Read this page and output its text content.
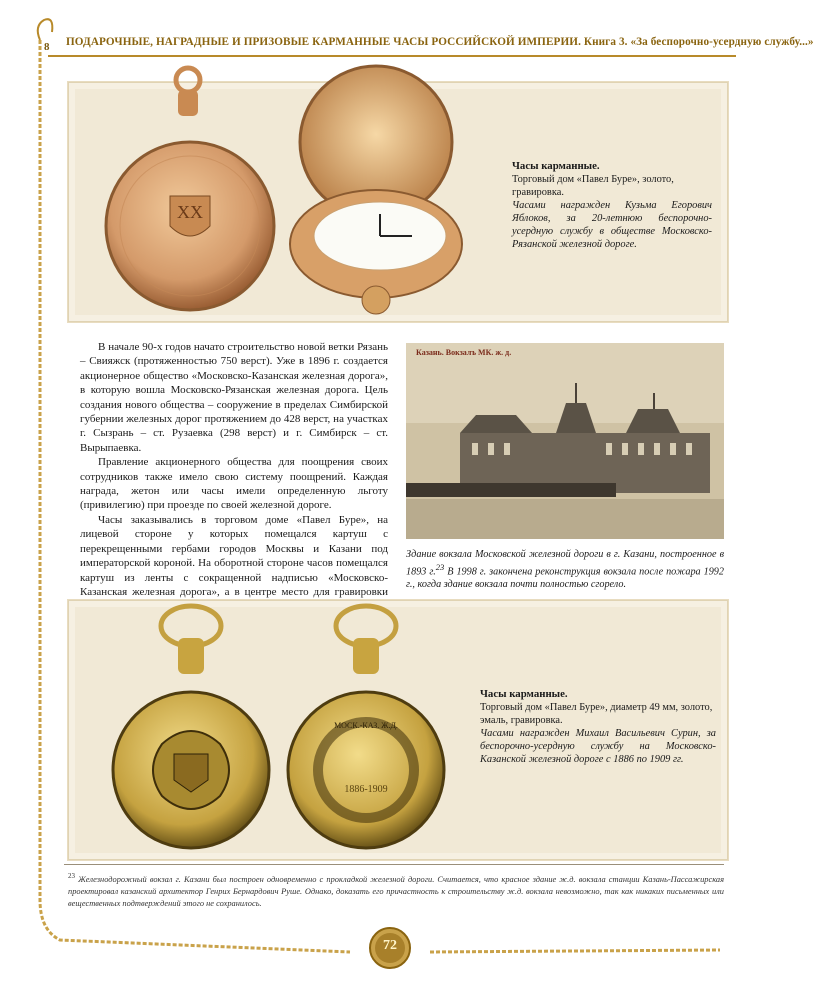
8 ПОДАРОЧНЫЕ, НАГРАДНЫЕ И ПРИЗОВЫЕ КАРМАННЫЕ ЧАСЫ РОССИЙСКОЙ ИМПЕРИИ. Книга 3. «За беспорочно-усердную службу...»
XX
Часы карманные.
Торговый дом «Павел Буре», золото, гравировка.
Часами награжден Кузьма Егорович Яблоков, за 20-летнюю беспорочно-усердную службу в обществе Московско-Рязанской железной дороге.

В начале 90-х годов начато строительство новой ветки Рязань – Свияжск (протяженностью 750 верст). Уже в 1896 г. создается акционерное общество «Московско-Казанская железная дорога», в которую вошла Московско-Рязанская железная дорога. Цель создания нового общества – сооружение в пределах Симбирской губернии железных дорог протяжением до 428 верст, на участках г. Сызрань – ст. Рузаевка (298 верст) и г. Симбирск – ст. Вырыпаевка.

Правление акционерного общества для поощрения своих сотрудников также имело свою систему поощрений. Каждая награда, жетон или часы имели определенную льготу (привилегию) при проезде по своей железной дороге.

Часы заказывались в торговом доме «Павел Буре», на лицевой стороне у которых помещался картуш с перекрещенными гербами городов Москвы и Казани под императорской короной. На оборотной стороне часов помещался картуш из ленты с сокращенной надписью «Московско-Казанская железная дорога», а в центре место для гравировки

Казань. Вокзалъ МК. ж. д.
Здание вокзала Московской железной дороги в г. Казани, построенное в 1893 г.$^{23}$ В 1998 г. закончена реконструкция вокзала после пожара 1992 г., когда здание вокзала почти полностью сгорело.
МОСК.-КАЗ. Ж.Д.
1886-1909
Часы карманные.
Торговый дом «Павел Буре», диаметр 49 мм, золото, эмаль, гравировка.
Часами награжден Михаил Васильевич Сурин, за беспорочно-усердную службу на Московско-Казанской железной дороге с 1886 по 1909 гг.
$^{23}$ Железнодорожный вокзал г. Казани был построен одновременно с прокладкой железной дороги. Считается, что красное здание ж.д. вокзала станции Казань-Пассажирская проектировал казанский архитектор Генрих Бернардович Руше. Однако, доказать его причастность к строительству ж.д. вокзала невозможно, так как никаких письменных или вещественных подтверждений этого не сохранилось.
72
